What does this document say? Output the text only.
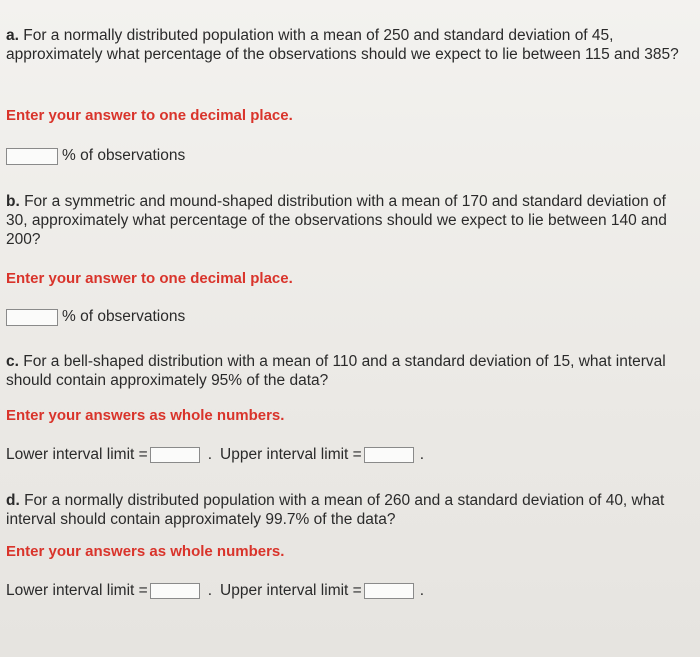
a. For a normally distributed population with a mean of 250 and standard deviation of 45, approximately what percentage of the observations should we expect to lie between 115 and 385?
Enter your answer to one decimal place.
% of observations
b. For a symmetric and mound-shaped distribution with a mean of 170 and standard deviation of 30, approximately what percentage of the observations should we expect to lie between 140 and 200?
Enter your answer to one decimal place.
% of observations
c. For a bell-shaped distribution with a mean of 110 and a standard deviation of 15, what interval should contain approximately 95% of the data?
Enter your answers as whole numbers.
Lower interval limit =	. Upper interval limit =	.
d. For a normally distributed population with a mean of 260 and a standard deviation of 40, what interval should contain approximately 99.7% of the data?
Enter your answers as whole numbers.
Lower interval limit =	. Upper interval limit =	.
